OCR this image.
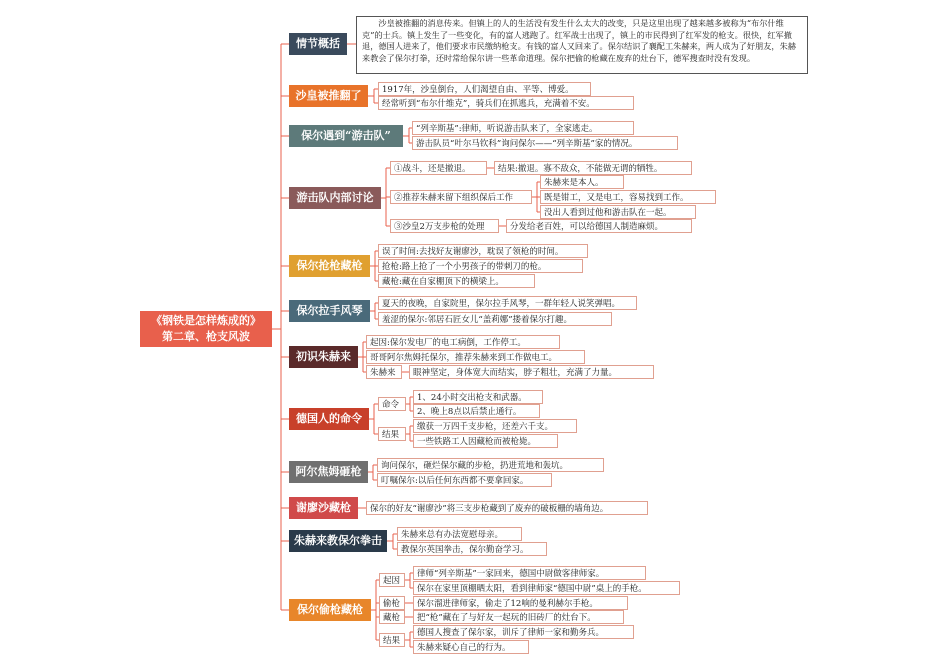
《钢铁是怎样炼成的》
第二章、枪支风波
情节概括
沙皇被推翻了
保尔遇到“游击队”
游击队内部讨论
保尔抢枪藏枪
保尔拉手风琴
初识朱赫来
德国人的命令
阿尔焦姆砸枪
谢廖沙藏枪
朱赫来教保尔拳击
保尔偷枪藏枪
沙皇被推翻的消息传来。但镇上的人的生活没有发生什么太大的改变，只是这里出现了越来越多被称为“布尔什维克”的士兵。镇上发生了一些变化，有的富人逃跑了。红军战士出现了，镇上的市民得到了红军发的枪支。很快，红军撤退，德国人进来了，他们要求市民缴纳枪支。有钱的富人又回来了。保尔结识了襄配工朱赫来，两人成为了好朋友，朱赫来教会了保尔打拳，还时常给保尔讲一些革命道理。保尔把偷的枪藏在废弃的灶台下，德军搜查时没有发现。
1917年，沙皇倒台，人们渴望自由、平等、博爱。
经常听到“布尔什维克”，骑兵们在抓逃兵，充满着不安。
“列辛斯基”:律师，听说游击队来了，全家逃走。
游击队员“叶尔马钦科”询问保尔——“列辛斯基”家的情况。
①战斗，还是撤退。	结果:撤退。寡不敌众，不能做无谓的牺牲。
②推荐朱赫来留下组织保后工作
朱赫来是本人。
既是钳工，又是电工，容易找到工作。
没出人看到过他和游击队在一起。
③沙皇2万支步枪的处理	分发给老百姓，可以给德国人制造麻烦。
误了时间:去找好友谢廖沙，耽误了领枪的时间。
抢枪:路上抢了一个小男孩子的带刺刀的枪。
藏枪:藏在自家棚顶下的横梁上。
夏天的夜晚，自家院里，保尔拉手风琴，一群年轻人说笑弹唱。
羞涩的保尔:邻居石匠女儿“盖莉娜”搂着保尔打趣。
起因:保尔发电厂的电工病倒，工作停工。
哥哥阿尔焦姆托保尔，推荐朱赫来到工作做电工。
朱赫来	眼神坚定，身体宽大而结实，脖子粗壮，充满了力量。
命令
1、24小时交出枪支和武器。
2、晚上8点以后禁止通行。
结果
缴获一万四千支步枪，还差六千支。
一些铁路工人因藏枪而被枪毙。
询问保尔，砸烂保尔藏的步枪，扔进荒地和轰坑。
叮嘱保尔:以后任何东西都不要拿回家。
保尔的好友“谢廖沙”将三支步枪藏到了废弃的破板栅的墙角边。
朱赫来总有办法宽慰母亲。
教保尔英国拳击，保尔勤奋学习。
起因
律师“列辛斯基”一家回来，德国中尉做客律师家。
保尔在家里顶棚晒太阳，看到律师家“德国中尉”桌上的手枪。
偷枪	保尔溜进律师家，偷走了12响的曼利赫尔手枪。
藏枪	把“枪”藏在了与好友一起玩的旧砖厂的灶台下。
结果
德国人搜查了保尔家，训斥了律师一家和勤务兵。
朱赫来疑心自己的行为。
